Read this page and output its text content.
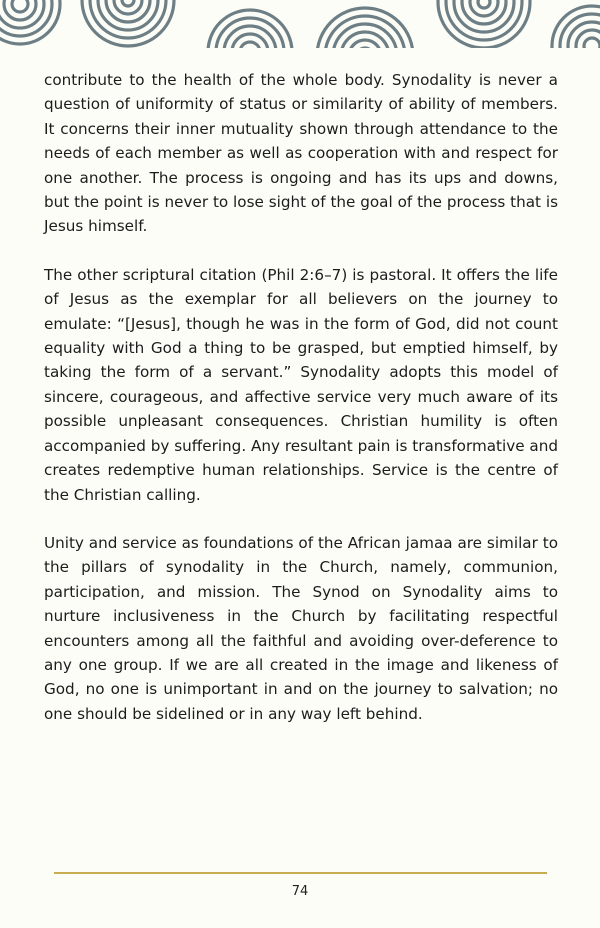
contribute to the health of the whole body. Synodality is never a question of uniformity of status or similarity of ability of members. It concerns their inner mutuality shown through attendance to the needs of each member as well as cooperation with and respect for one another. The process is ongoing and has its ups and downs, but the point is never to lose sight of the goal of the process that is Jesus himself.

The other scriptural citation (Phil 2:6–7) is pastoral. It offers the life of Jesus as the exemplar for all believers on the journey to emulate: “[Jesus], though he was in the form of God, did not count equality with God a thing to be grasped, but emptied himself, by taking the form of a servant.” Synodality adopts this model of sincere, courageous, and affective service very much aware of its possible unpleasant consequences. Christian humility is often accompanied by suffering. Any resultant pain is transformative and creates redemptive human relationships. Service is the centre of the Christian calling.

Unity and service as foundations of the African jamaa are similar to the pillars of synodality in the Church, namely, communion, participation, and mission. The Synod on Synodality aims to nurture inclusiveness in the Church by facilitating respectful encounters among all the faithful and avoiding over-deference to any one group. If we are all created in the image and likeness of God, no one is unimportant in and on the journey to salvation; no one should be sidelined or in any way left behind.

74
